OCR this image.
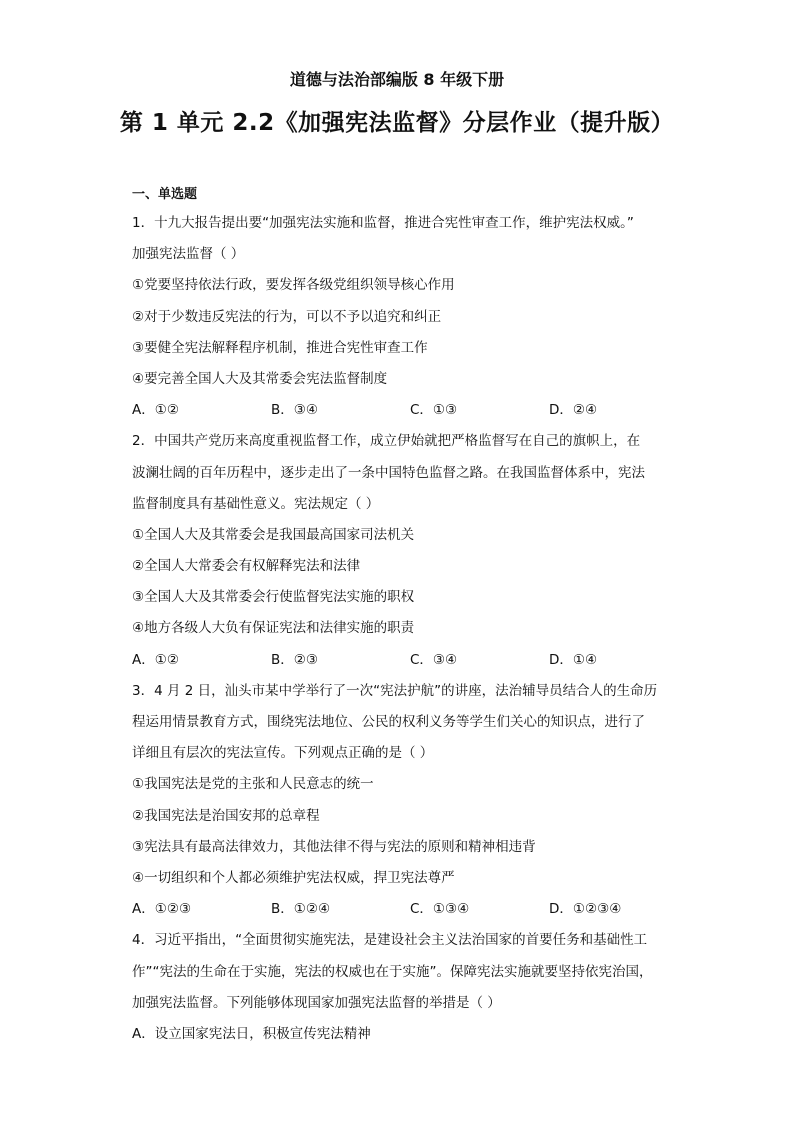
道德与法治部编版 8 年级下册
第 1 单元 2.2《加强宪法监督》分层作业（提升版）
一、单选题
1．十九大报告提出要“加强宪法实施和监督，推进合宪性审查工作，维护宪法权威。”
加强宪法监督（ ）
①党要坚持依法行政，要发挥各级党组织领导核心作用
②对于少数违反宪法的行为，可以不予以追究和纠正
③要健全宪法解释程序机制，推进合宪性审查工作
④要完善全国人大及其常委会宪法监督制度
A．①②	B．③④	C．①③	D．②④
2．中国共产党历来高度重视监督工作，成立伊始就把严格监督写在自己的旗帜上，在
波澜壮阔的百年历程中，逐步走出了一条中国特色监督之路。在我国监督体系中，宪法
监督制度具有基础性意义。宪法规定（ ）
①全国人大及其常委会是我国最高国家司法机关
②全国人大常委会有权解释宪法和法律
③全国人大及其常委会行使监督宪法实施的职权
④地方各级人大负有保证宪法和法律实施的职责
A．①②	B．②③	C．③④	D．①④
3．4 月 2 日，汕头市某中学举行了一次“宪法护航”的讲座，法治辅导员结合人的生命历
程运用情景教育方式，围绕宪法地位、公民的权利义务等学生们关心的知识点，进行了
详细且有层次的宪法宣传。下列观点正确的是（ ）
①我国宪法是党的主张和人民意志的统一
②我国宪法是治国安邦的总章程
③宪法具有最高法律效力，其他法律不得与宪法的原则和精神相违背
④一切组织和个人都必须维护宪法权威，捍卫宪法尊严
A．①②③	B．①②④	C．①③④	D．①②③④
4．习近平指出，“全面贯彻实施宪法，是建设社会主义法治国家的首要任务和基础性工
作”“宪法的生命在于实施，宪法的权威也在于实施”。保障宪法实施就要坚持依宪治国，
加强宪法监督。下列能够体现国家加强宪法监督的举措是（ ）
A．设立国家宪法日，积极宣传宪法精神
